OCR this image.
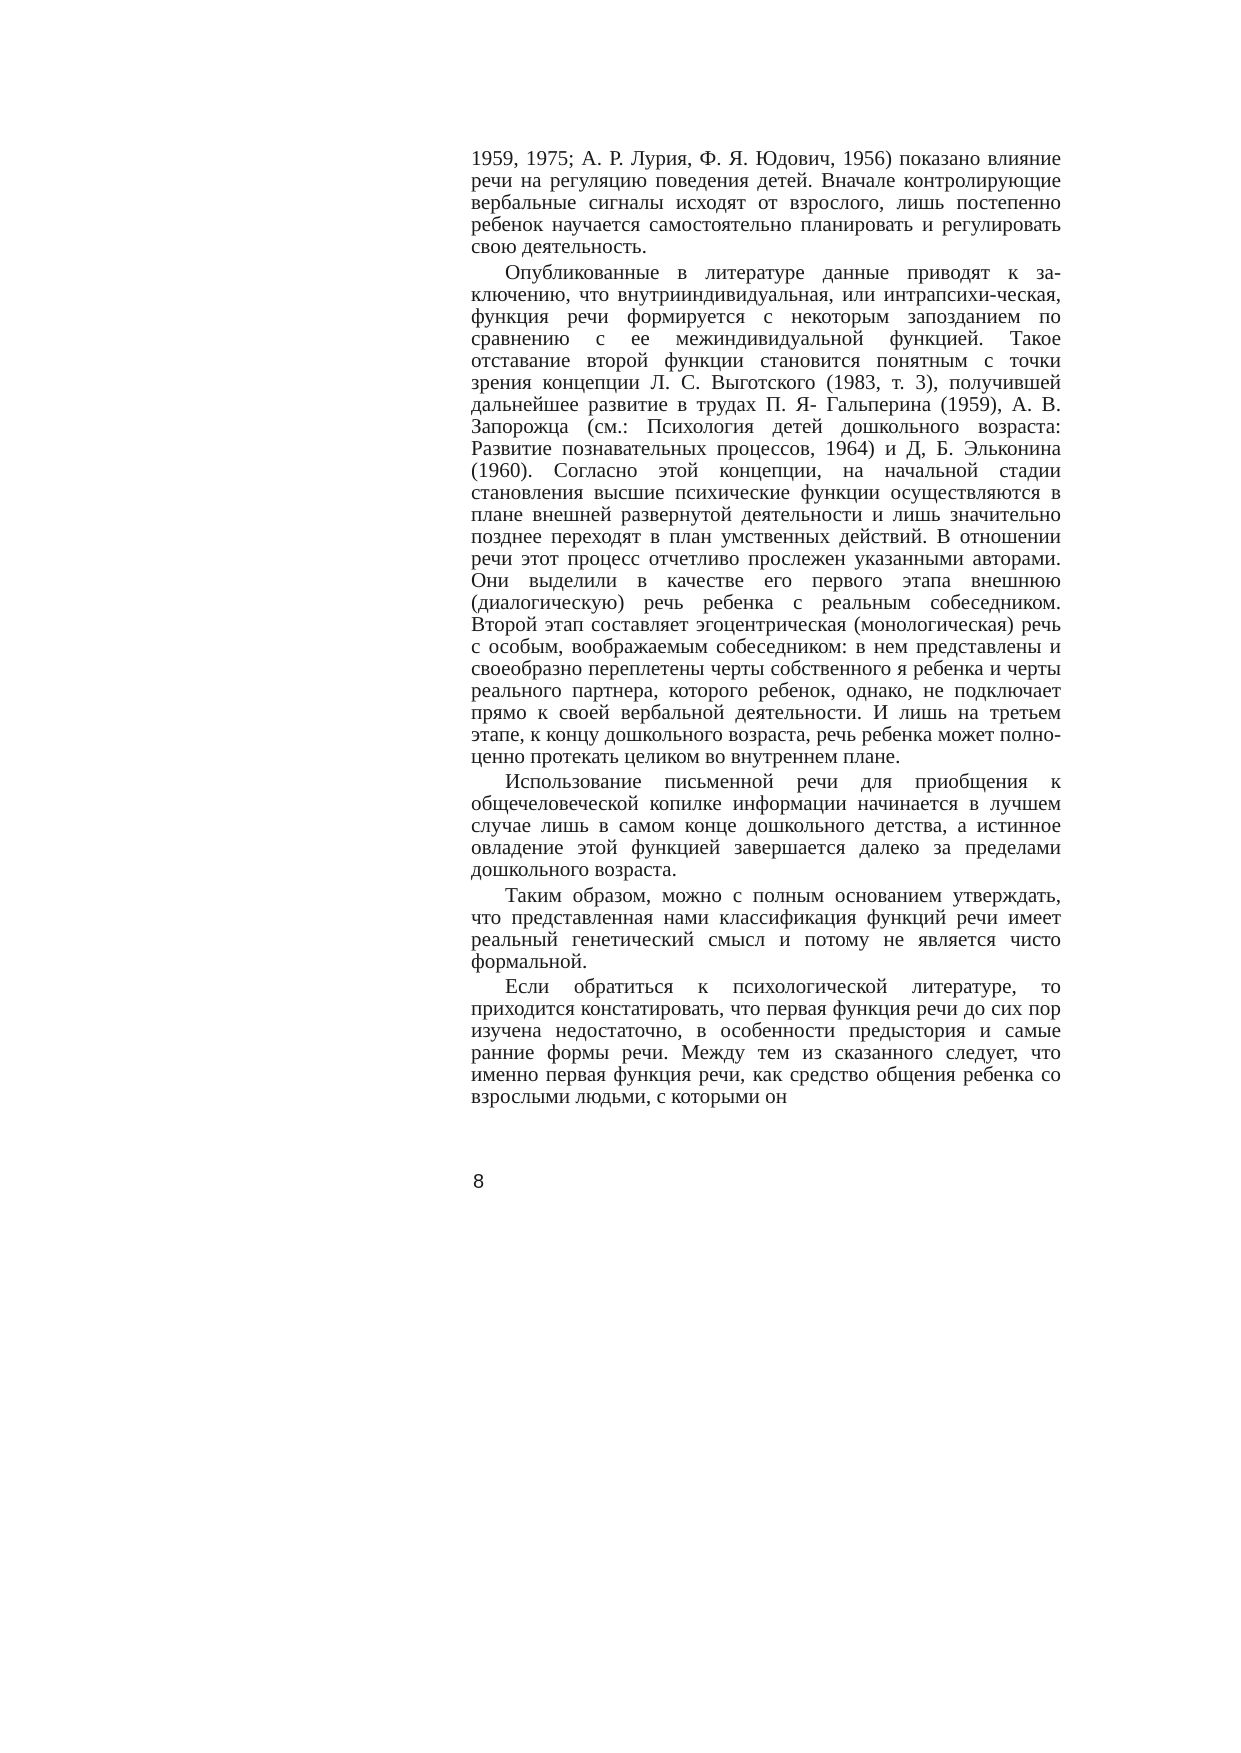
1959, 1975; А. Р. Лурия, Ф. Я. Юдович, 1956) показано влияние речи на регуляцию поведения детей. Вначале контролирующие вербальные сигналы исходят от взрослого, лишь постепенно ребенок научается самостоятельно планировать и регулировать свою деятельность.

Опубликованные в литературе данные приводят к заключению, что внутрииндивидуальная, или интрапсихи-ческая, функция речи формируется с некоторым запозданием по сравнению с ее межиндивидуальной функцией. Такое отставание второй функции становится понятным с точки зрения концепции Л. С. Выготского (1983, т. 3), получившей дальнейшее развитие в трудах П. Я- Гальперина (1959), А. В. Запорожца (см.: Психология детей дошкольного возраста: Развитие познавательных процессов, 1964) и Д, Б. Эльконина (1960). Согласно этой концепции, на начальной стадии становления высшие психические функции осуществляются в плане внешней развернутой деятельности и лишь значительно позднее переходят в план умственных действий. В отношении речи этот процесс отчетливо прослежен указанными авторами. Они выделили в качестве его первого этапа внешнюю (диалогическую) речь ребенка с реальным собеседником. Второй этап составляет эгоцентрическая (монологическая) речь с особым, воображаемым собеседником: в нем представлены и своеобразно переплетены черты собственного я ребенка и черты реального партнера, которого ребенок, однако, не подключает прямо к своей вербальной деятельности. И лишь на третьем этапе, к концу дошкольного возраста, речь ребенка может полноценно протекать целиком во внутреннем плане.

Использование письменной речи для приобщения к общечеловеческой копилке информации начинается в лучшем случае лишь в самом конце дошкольного детства, а истинное овладение этой функцией завершается далеко за пределами дошкольного возраста.

Таким образом, можно с полным основанием утверждать, что представленная нами классификация функций речи имеет реальный генетический смысл и потому не является чисто формальной.

Если обратиться к психологической литературе, то приходится констатировать, что первая функция речи до сих пор изучена недостаточно, в особенности предыстория и самые ранние формы речи. Между тем из сказанного следует, что именно первая функция речи, как средство общения ребенка со взрослыми людьми, с которыми он

8
